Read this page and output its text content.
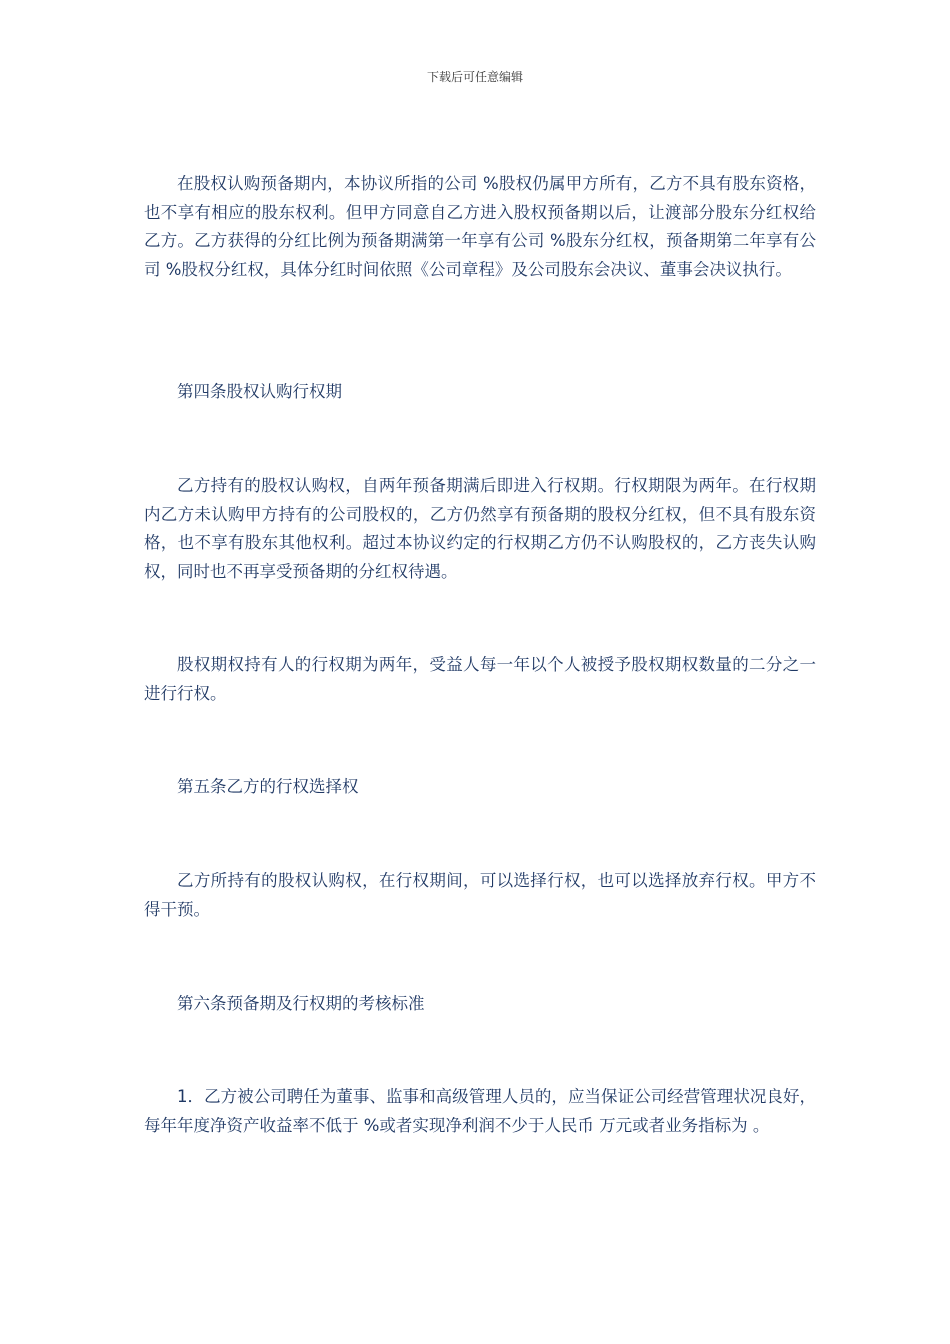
下载后可任意编辑

在股权认购预备期内，本协议所指的公司 %股权仍属甲方所有，乙方不具有股东资格，也不享有相应的股东权利。但甲方同意自乙方进入股权预备期以后，让渡部分股东分红权给乙方。乙方获得的分红比例为预备期满第一年享有公司 %股东分红权，预备期第二年享有公司 %股权分红权，具体分红时间依照《公司章程》及公司股东会决议、董事会决议执行。

第四条股权认购行权期

乙方持有的股权认购权，自两年预备期满后即进入行权期。行权期限为两年。在行权期内乙方未认购甲方持有的公司股权的，乙方仍然享有预备期的股权分红权，但不具有股东资格，也不享有股东其他权利。超过本协议约定的行权期乙方仍不认购股权的，乙方丧失认购权，同时也不再享受预备期的分红权待遇。

股权期权持有人的行权期为两年，受益人每一年以个人被授予股权期权数量的二分之一进行行权。

第五条乙方的行权选择权

乙方所持有的股权认购权，在行权期间，可以选择行权，也可以选择放弃行权。甲方不得干预。

第六条预备期及行权期的考核标准

1．乙方被公司聘任为董事、监事和高级管理人员的，应当保证公司经营管理状况良好，每年年度净资产收益率不低于 %或者实现净利润不少于人民币 万元或者业务指标为 。
